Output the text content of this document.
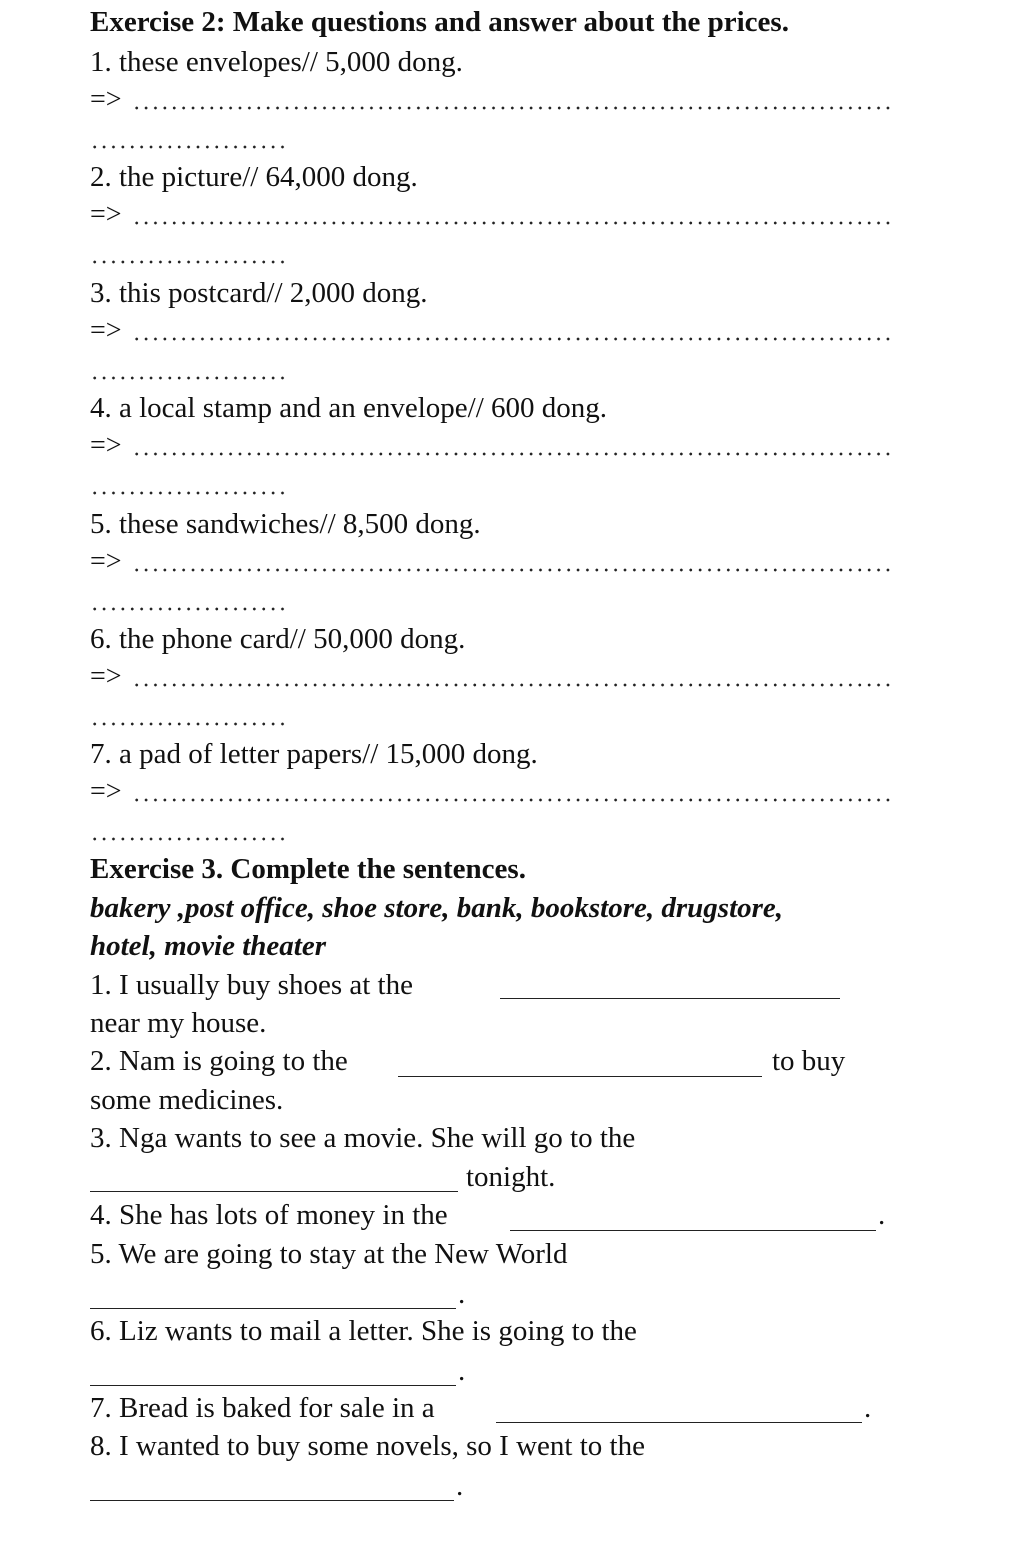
Exercise 2: Make questions and answer about the prices.
1. these envelopes// 5,000 dong.
=>
2. the picture// 64,000 dong.
=>
3. this postcard// 2,000 dong.
=>
4. a local stamp and an envelope// 600 dong.
=>
5. these sandwiches// 8,500 dong.
=>
6. the phone card// 50,000 dong.
=>
7. a pad of letter papers// 15,000 dong.
=>
Exercise 3. Complete the sentences.
bakery ,post office, shoe store, bank, bookstore, drugstore,
hotel, movie theater
1. I usually buy shoes at the
near my house.
2. Nam is going to the	to buy
some medicines.
3. Nga wants to see a movie. She will go to the
tonight.
4. She has lots of money in the	.
5. We are going to stay at the New World
.
6. Liz wants to mail a letter. She is going to the
.
7. Bread is baked for sale in a	.
8. I wanted to buy some novels, so I went to the
.
